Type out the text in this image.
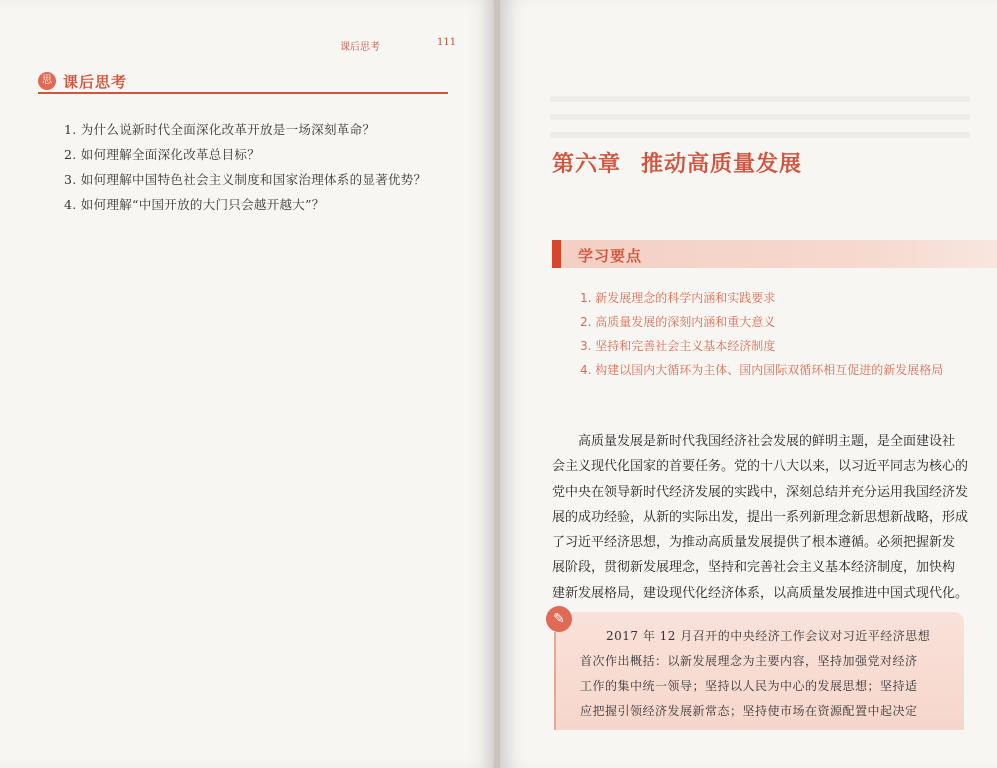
课后思考	111
思 课后思考
1. 为什么说新时代全面深化改革开放是一场深刻革命？
2. 如何理解全面深化改革总目标？
3. 如何理解中国特色社会主义制度和国家治理体系的显著优势？
4. 如何理解“中国开放的大门只会越开越大”？
第六章 推动高质量发展
学习要点
1. 新发展理念的科学内涵和实践要求
2. 高质量发展的深刻内涵和重大意义
3. 坚持和完善社会主义基本经济制度
4. 构建以国内大循环为主体、国内国际双循环相互促进的新发展格局

高质量发展是新时代我国经济社会发展的鲜明主题，是全面建设社
会主义现代化国家的首要任务。党的十八大以来，以习近平同志为核心的
党中央在领导新时代经济发展的实践中，深刻总结并充分运用我国经济发
展的成功经验，从新的实际出发，提出一系列新理念新思想新战略，形成
了习近平经济思想，为推动高质量发展提供了根本遵循。必须把握新发
展阶段，贯彻新发展理念，坚持和完善社会主义基本经济制度，加快构
建新发展格局，建设现代化经济体系，以高质量发展推进中国式现代化。

✎

2017 年 12 月召开的中央经济工作会议对习近平经济思想
首次作出概括：以新发展理念为主要内容，坚持加强党对经济
工作的集中统一领导；坚持以人民为中心的发展思想；坚持适
应把握引领经济发展新常态；坚持使市场在资源配置中起决定
